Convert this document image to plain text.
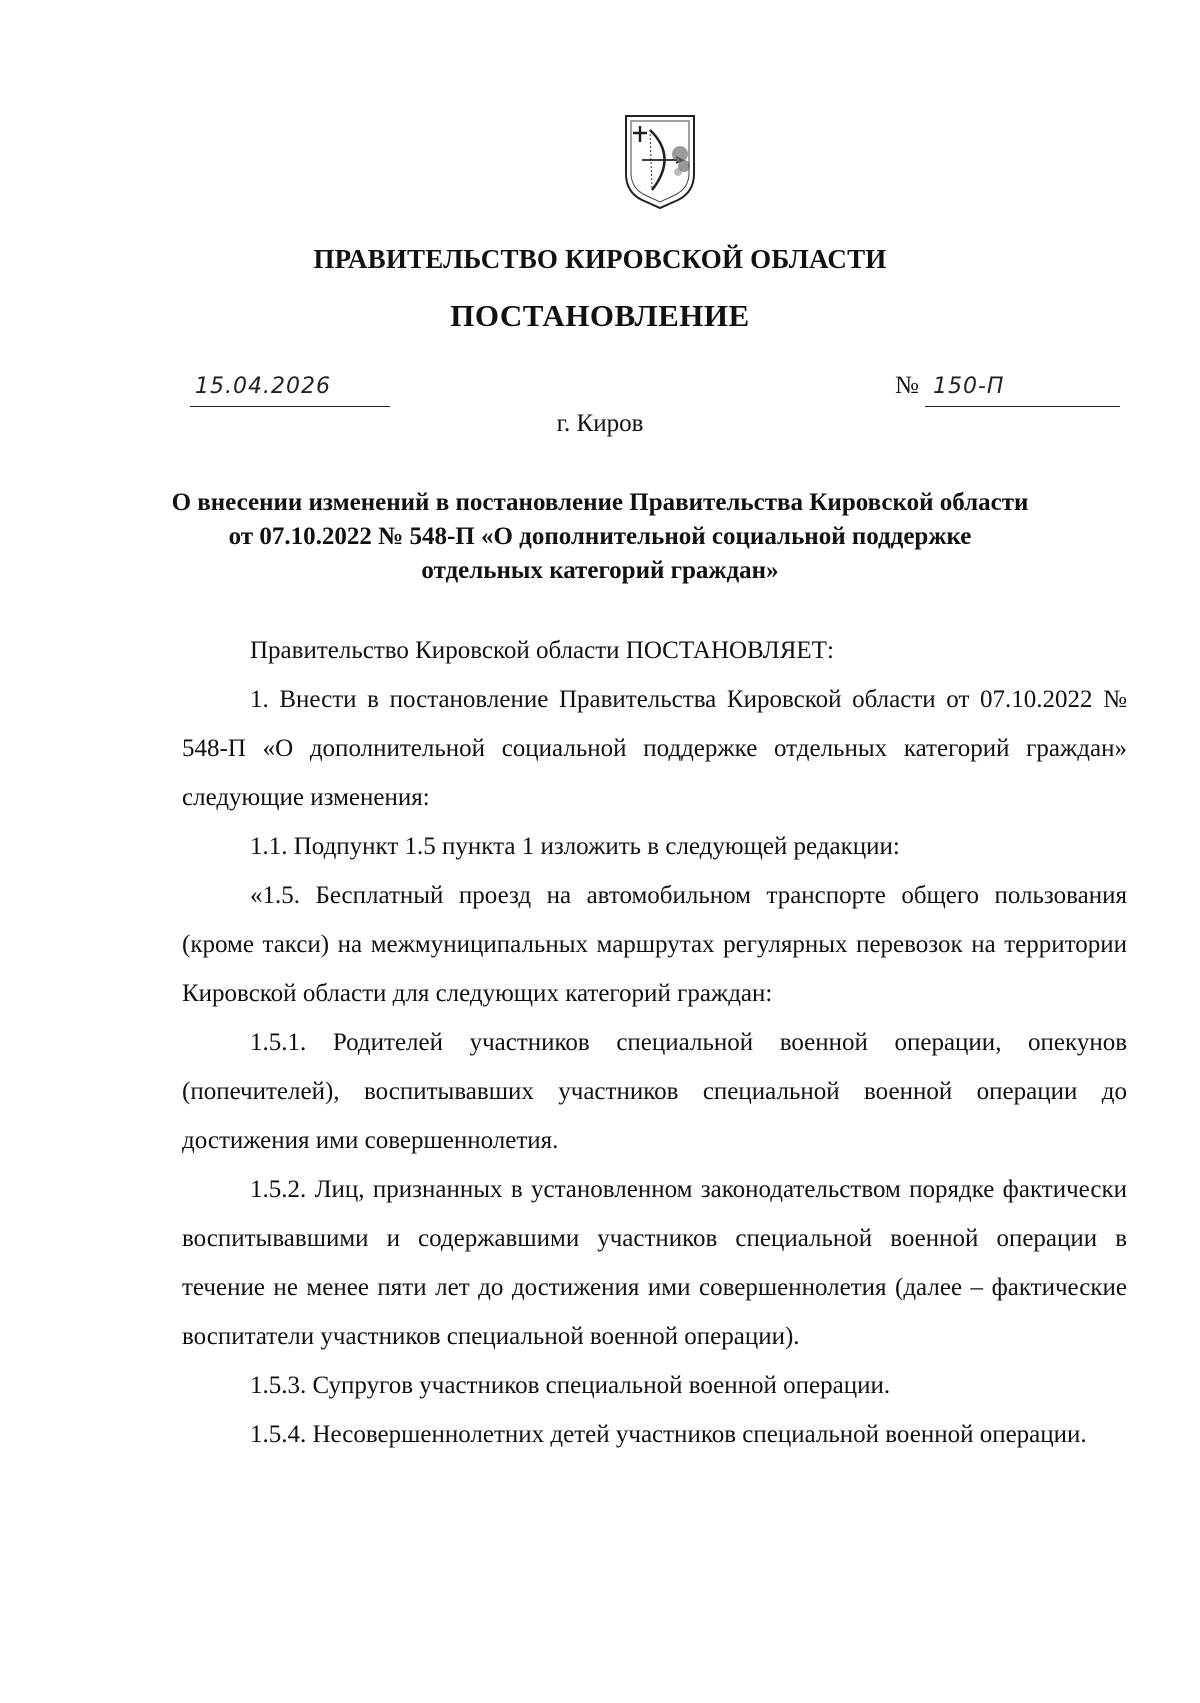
ПРАВИТЕЛЬСТВО КИРОВСКОЙ ОБЛАСТИ
ПОСТАНОВЛЕНИЕ
15.04.2026	№ 150-П
г. Киров
О внесении изменений в постановление Правительства Кировской области
от 07.10.2022 № 548-П «О дополнительной социальной поддержке
отдельных категорий граждан»

Правительство Кировской области ПОСТАНОВЛЯЕТ:

1. Внести в постановление Правительства Кировской области от 07.10.2022 № 548-П «О дополнительной социальной поддержке отдельных категорий граждан» следующие изменения:

1.1. Подпункт 1.5 пункта 1 изложить в следующей редакции:

«1.5. Бесплатный проезд на автомобильном транспорте общего пользования (кроме такси) на межмуниципальных маршрутах регулярных перевозок на территории Кировской области для следующих категорий граждан:

1.5.1. Родителей участников специальной военной операции, опекунов (попечителей), воспитывавших участников специальной военной операции до достижения ими совершеннолетия.

1.5.2. Лиц, признанных в установленном законодательством порядке фактически воспитывавшими и содержавшими участников специальной военной операции в течение не менее пяти лет до достижения ими совершеннолетия (далее – фактические воспитатели участников специальной военной операции).

1.5.3. Супругов участников специальной военной операции.

1.5.4. Несовершеннолетних детей участников специальной военной операции.
